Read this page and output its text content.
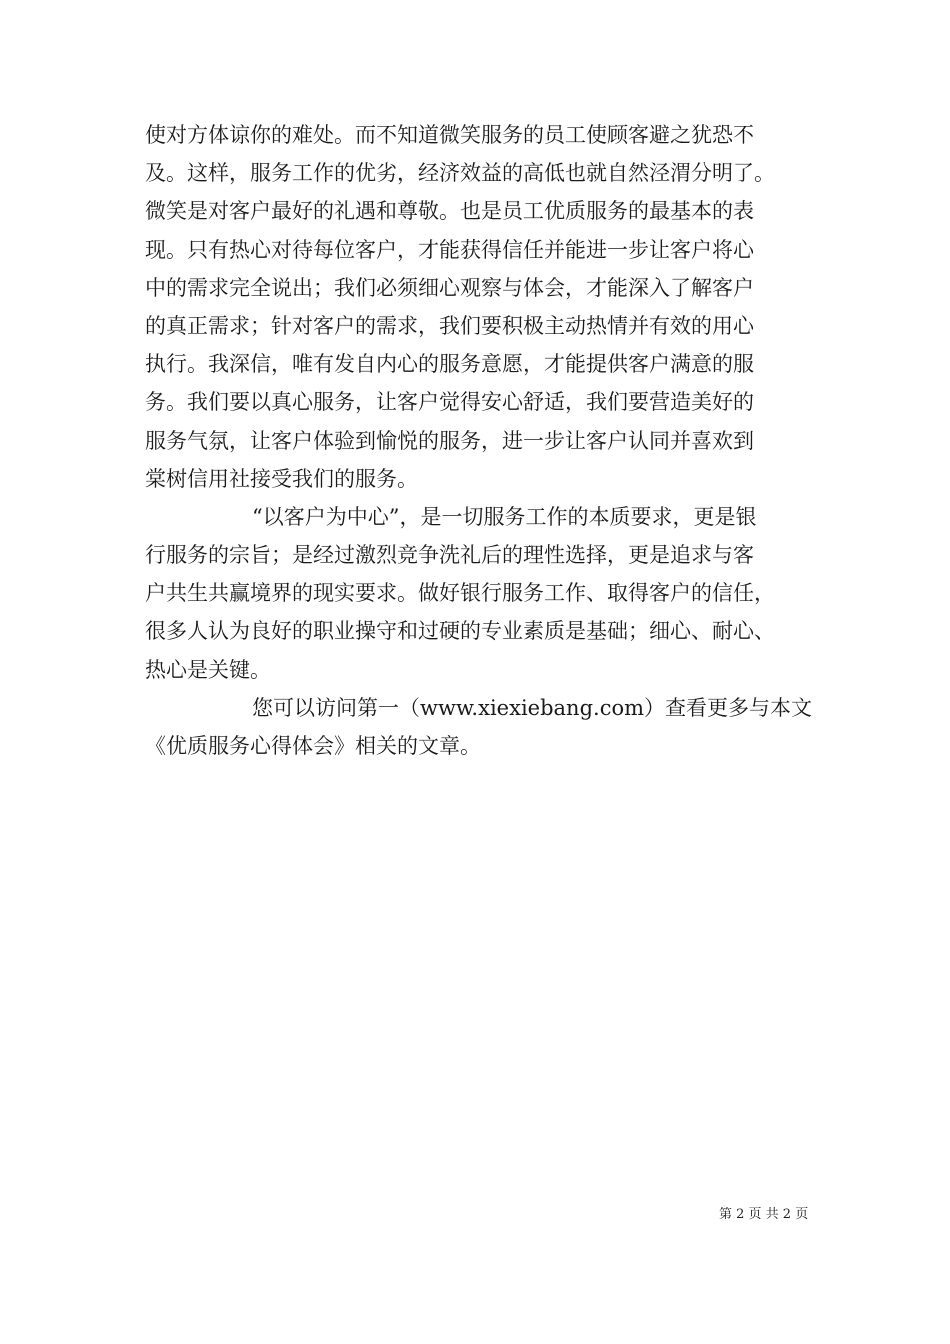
使对方体谅你的难处。而不知道微笑服务的员工使顾客避之犹恐不
及。这样，服务工作的优劣，经济效益的高低也就自然泾渭分明了。
微笑是对客户最好的礼遇和尊敬。也是员工优质服务的最基本的表
现。只有热心对待每位客户，才能获得信任并能进一步让客户将心
中的需求完全说出；我们必须细心观察与体会，才能深入了解客户
的真正需求；针对客户的需求，我们要积极主动热情并有效的用心
执行。我深信，唯有发自内心的服务意愿，才能提供客户满意的服
务。我们要以真心服务，让客户觉得安心舒适，我们要营造美好的
服务气氛，让客户体验到愉悦的服务，进一步让客户认同并喜欢到
棠树信用社接受我们的服务。
“以客户为中心”，是一切服务工作的本质要求，更是银
行服务的宗旨；是经过激烈竞争洗礼后的理性选择，更是追求与客
户共生共赢境界的现实要求。做好银行服务工作、取得客户的信任，
很多人认为良好的职业操守和过硬的专业素质是基础；细心、耐心、
热心是关键。
您可以访问第一（www.xiexiebang.com）查看更多与本文
《优质服务心得体会》相关的文章。
第 2 页 共 2 页
